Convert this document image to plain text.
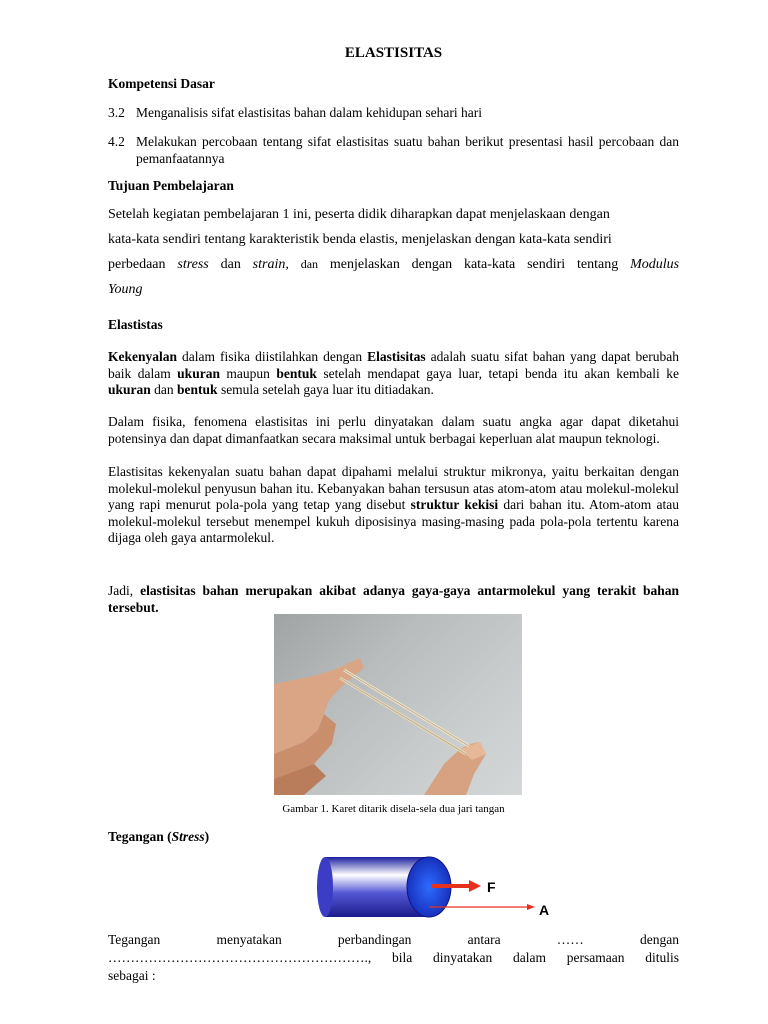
ELASTISITAS
Kompetensi Dasar
3.2 Menganalisis sifat elastisitas bahan dalam kehidupan sehari hari
4.2 Melakukan percobaan tentang sifat elastisitas suatu bahan berikut presentasi hasil percobaan dan pemanfaatannya
Tujuan Pembelajaran
Setelah kegiatan pembelajaran 1 ini, peserta didik diharapkan dapat menjelaskaan dengan
kata-kata sendiri tentang karakteristik benda elastis, menjelaskan dengan kata-kata sendiri
perbedaan stress dan strain, dan menjelaskan dengan kata-kata sendiri tentang Modulus
Young
Elastistas
Kekenyalan dalam fisika diistilahkan dengan Elastisitas adalah suatu sifat bahan yang dapat berubah baik dalam ukuran maupun bentuk setelah mendapat gaya luar, tetapi benda itu akan kembali ke ukuran dan bentuk semula setelah gaya luar itu ditiadakan.
Dalam fisika, fenomena elastisitas ini perlu dinyatakan dalam suatu angka agar dapat diketahui potensinya dan dapat dimanfaatkan secara maksimal untuk berbagai keperluan alat maupun teknologi.
Elastisitas kekenyalan suatu bahan dapat dipahami melalui struktur mikronya, yaitu berkaitan dengan molekul-molekul penyusun bahan itu. Kebanyakan bahan tersusun atas atom-atom atau molekul-molekul yang rapi menurut pola-pola yang tetap yang disebut struktur kekisi dari bahan itu. Atom-atom atau molekul-molekul tersebut menempel kukuh diposisinya masing-masing pada pola-pola tertentu karena dijaga oleh gaya antarmolekul.
Jadi, elastisitas bahan merupakan akibat adanya gaya-gaya antarmolekul yang terakit bahan tersebut.
Gambar 1. Karet ditarik disela-sela dua jari tangan
Tegangan (Stress)
F
A
Tegangan	menyatakan	perbandingan	antara	……	dengan
…………………………………………………., bila dinyatakan dalam persamaan ditulis
sebagai :
